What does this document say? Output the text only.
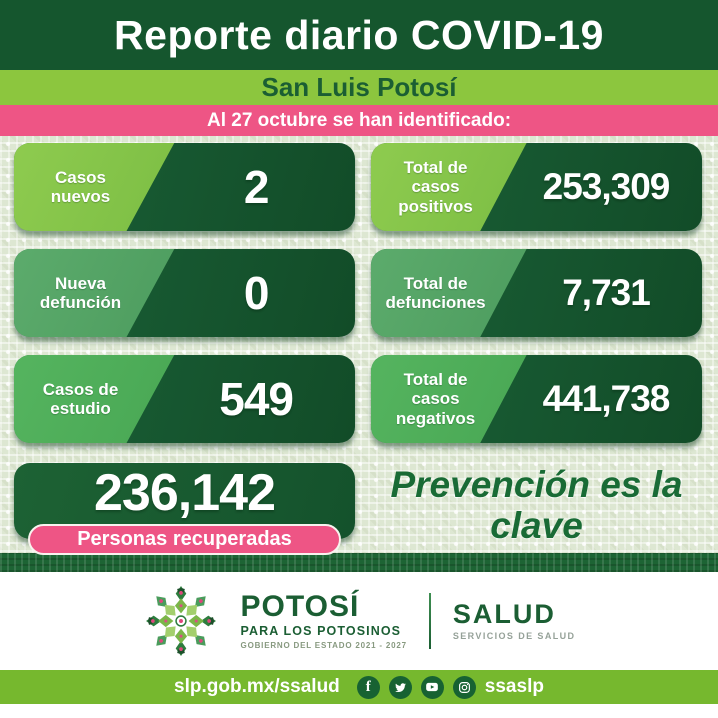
Reporte diario COVID-19
San Luis Potosí
Al 27 octubre se han identificado:
Casos nuevos	2	Total de casos positivos	253,309
Nueva defunción	0	Total de defunciones	7,731
Casos de estudio	549	Total de casos negativos	441,738
236,142
Personas recuperadas
Prevención es la clave
POTOSÍ
PARA LOS POTOSINOS
GOBIERNO DEL ESTADO 2021 - 2027
SALUD
SERVICIOS DE SALUD
slp.gob.mx/ssalud	f	ssaslp
